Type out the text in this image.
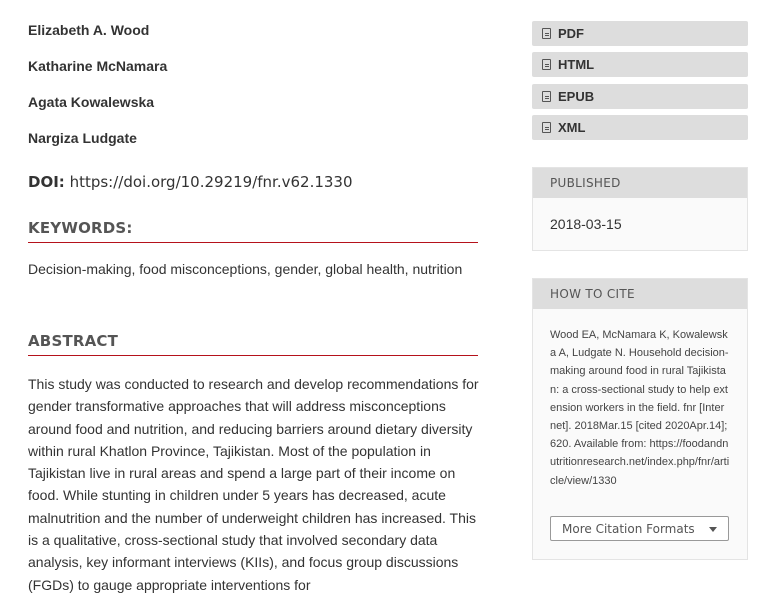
Elizabeth A. Wood
Katharine McNamara
Agata Kowalewska
Nargiza Ludgate
DOI: https://doi.org/10.29219/fnr.v62.1330
KEYWORDS:
Decision-making, food misconceptions, gender, global health, nutrition
ABSTRACT
This study was conducted to research and develop recommendations for gender transformative approaches that will address misconceptions around food and nutrition, and reducing barriers around dietary diversity within rural Khatlon Province, Tajikistan. Most of the population in Tajikistan live in rural areas and spend a large part of their income on food. While stunting in children under 5 years has decreased, acute malnutrition and the number of underweight children has increased. This is a qualitative, cross-sectional study that involved secondary data analysis, key informant interviews (KIIs), and focus group discussions (FGDs) to gauge appropriate interventions for
PDF
HTML
EPUB
XML
PUBLISHED
2018-03-15
HOW TO CITE
Wood EA, McNamara K, Kowalewska A, Ludgate N. Household decision-making around food in rural Tajikistan: a cross-sectional study to help extension workers in the field. fnr [Internet]. 2018Mar.15 [cited 2020Apr.14];620. Available from: https://foodandnutritionresearch.net/index.php/fnr/article/view/1330
More Citation Formats
